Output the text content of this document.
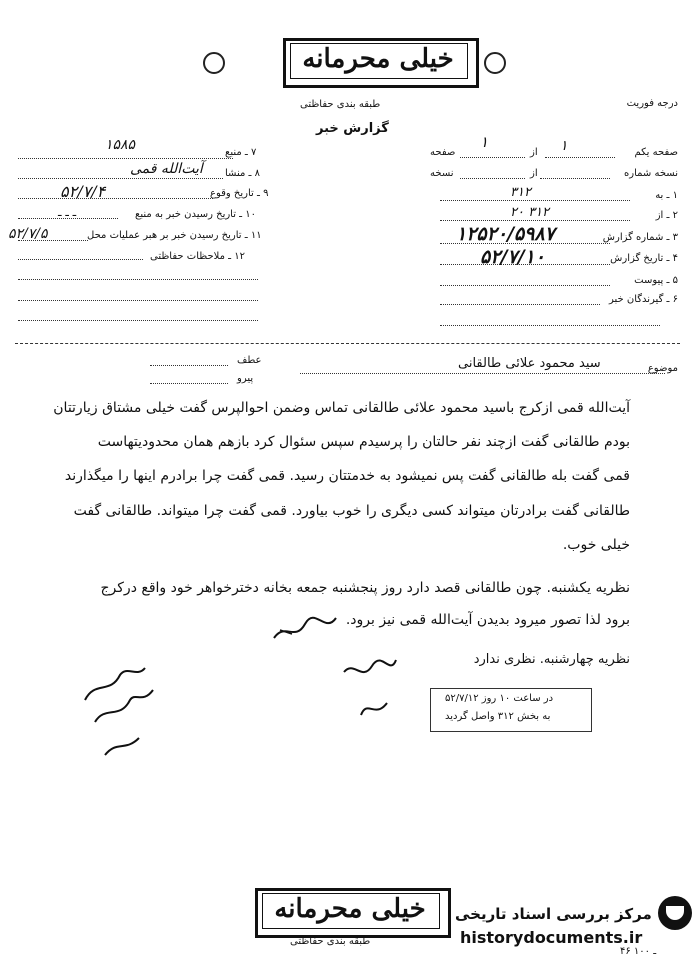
خیلی محرمانه
درجه فوریت
طبقه بندی حفاظتی
گزارش خبر
صفحه یکم
۱
از
۱
صفحه
نسخه شماره
از
نسخه
۱ ـ به
۳۱۲
۲ ـ از
۲۰ ۳۱۲
۳ ـ شماره گزارش
۱۲۵۲۰/۵۹۸۷
۴ ـ تاریخ گزارش
۵۲/۷/۱۰
۵ ـ پیوست
۶ ـ گیرندگان خبر
۱۵۸۵	۷ ـ منبع
آیت‌الله قمی ۸ ـ منشا
۵۲/۷/۴	۹ ـ تاریخ وقوع
ـ ـ ـ	۱۰ ـ تاریخ رسیدن خبر به منبع
۵۲/۷/۵	۱۱ ـ تاریخ رسیدن خبر بر هبر عملیات محل
۱۲ ـ ملاحظات حفاظتی
موضوع
سید محمود علائی طالقانی
عطف
پیرو
آیت‌الله قمی ازکرج باسید محمود علائی طالقانی تماس وضمن احوالپرس گفت خیلی مشتاق زیارتتان
بودم طالقانی گفت ازچند نفر حالتان را پرسیدم سپس سئوال کرد بازهم همان محدودیتهاست
قمی گفت بله طالقانی گفت پس نمیشود به خدمتتان رسید. قمی گفت چرا برادرم اینها را میگذارند
طالقانی گفت برادرتان میتواند کسی دیگری را خوب بیاورد. قمی گفت چرا میتواند. طالقانی گفت
خیلی خوب.
نظریه یکشنبه. چون طالقانی قصد دارد روز پنجشنبه جمعه بخانه دخترخواهر خود واقع درکرج
برود لذا تصور میرود بدیدن آیت‌الله قمی نیز برود.
نظریه چهارشنبه. نظری ندارد
در ساعت ۱۰ روز ۵۲/۷/۱۲
به بخش ۳۱۲ واصل گردید
خیلی محرمانه
طبقه بندی حفاظتی
مرکز بررسی اسناد تاریخی
historydocuments.ir
۴۶ ـ ۱۰۰
